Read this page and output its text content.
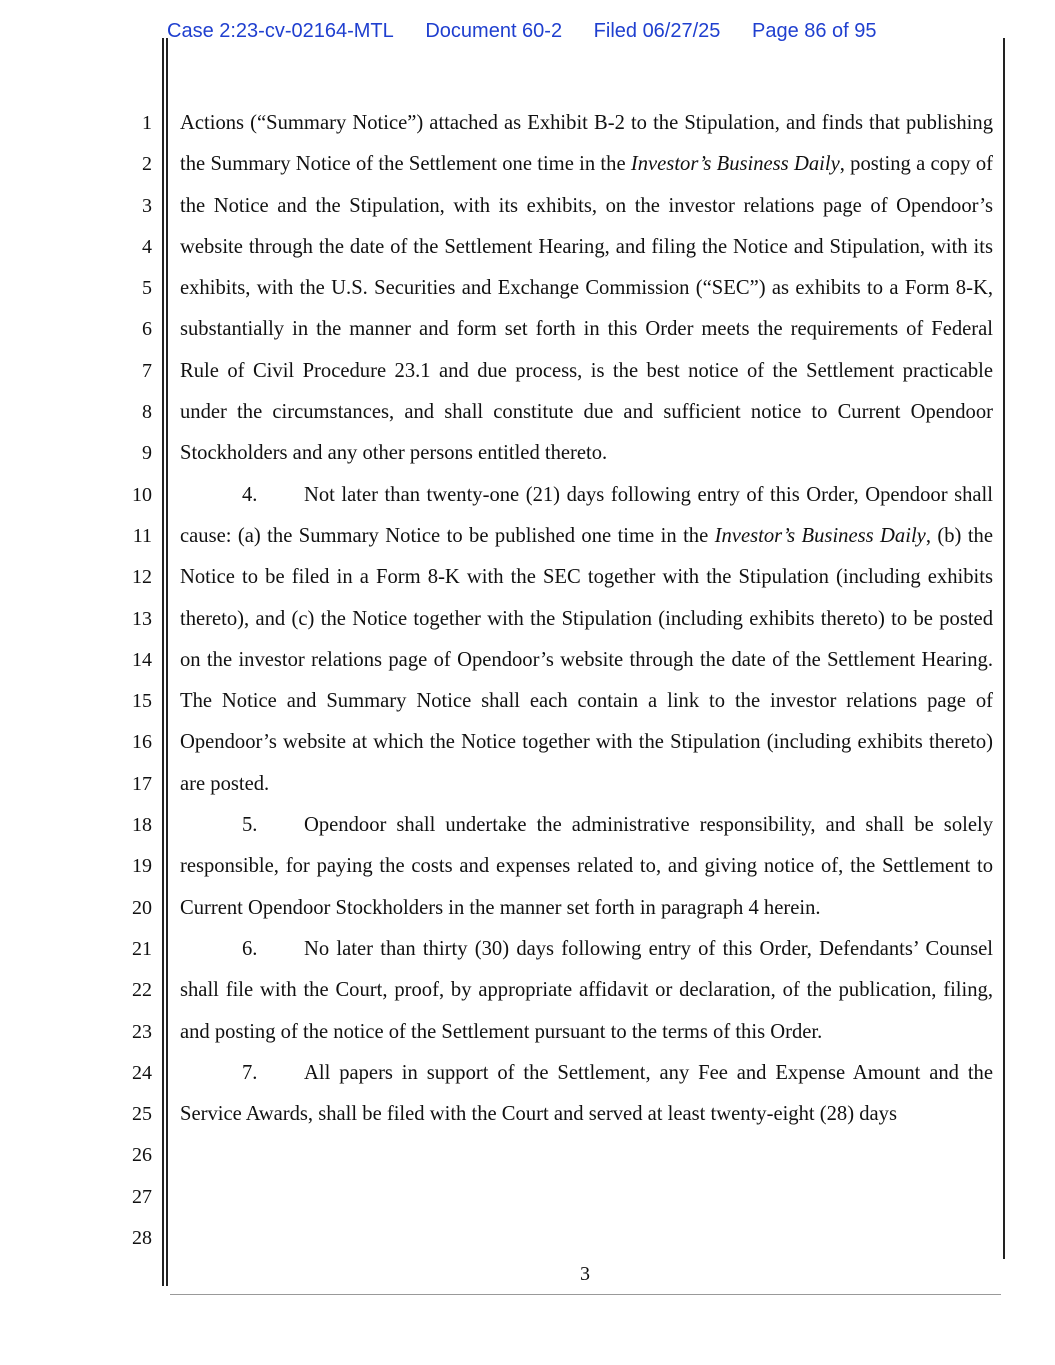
Case 2:23-cv-02164-MTL Document 60-2 Filed 06/27/25 Page 86 of 95
1
2
3
4
5
6
7
8
9
10
11
12
13
14
15
16
17
18
19
20
21
22
23
24
25
26
27
28

Actions (“Summary Notice”) attached as Exhibit B-2 to the Stipulation, and finds that publishing the Summary Notice of the Settlement one time in the Investor’s Business Daily, posting a copy of the Notice and the Stipulation, with its exhibits, on the investor relations page of Opendoor’s website through the date of the Settlement Hearing, and filing the Notice and Stipulation, with its exhibits, with the U.S. Securities and Exchange Commission (“SEC”) as exhibits to a Form 8-K, substantially in the manner and form set forth in this Order meets the requirements of Federal Rule of Civil Procedure 23.1 and due process, is the best notice of the Settlement practicable under the circumstances, and shall constitute due and sufficient notice to Current Opendoor Stockholders and any other persons entitled thereto.

4. Not later than twenty-one (21) days following entry of this Order, Opendoor shall cause: (a) the Summary Notice to be published one time in the Investor’s Business Daily, (b) the Notice to be filed in a Form 8-K with the SEC together with the Stipulation (including exhibits thereto), and (c) the Notice together with the Stipulation (including exhibits thereto) to be posted on the investor relations page of Opendoor’s website through the date of the Settlement Hearing. The Notice and Summary Notice shall each contain a link to the investor relations page of Opendoor’s website at which the Notice together with the Stipulation (including exhibits thereto) are posted.

5. Opendoor shall undertake the administrative responsibility, and shall be solely responsible, for paying the costs and expenses related to, and giving notice of, the Settlement to Current Opendoor Stockholders in the manner set forth in paragraph 4 herein.

6. No later than thirty (30) days following entry of this Order, Defendants’ Counsel shall file with the Court, proof, by appropriate affidavit or declaration, of the publication, filing, and posting of the notice of the Settlement pursuant to the terms of this Order.

7. All papers in support of the Settlement, any Fee and Expense Amount and the Service Awards, shall be filed with the Court and served at least twenty-eight (28) days

3
